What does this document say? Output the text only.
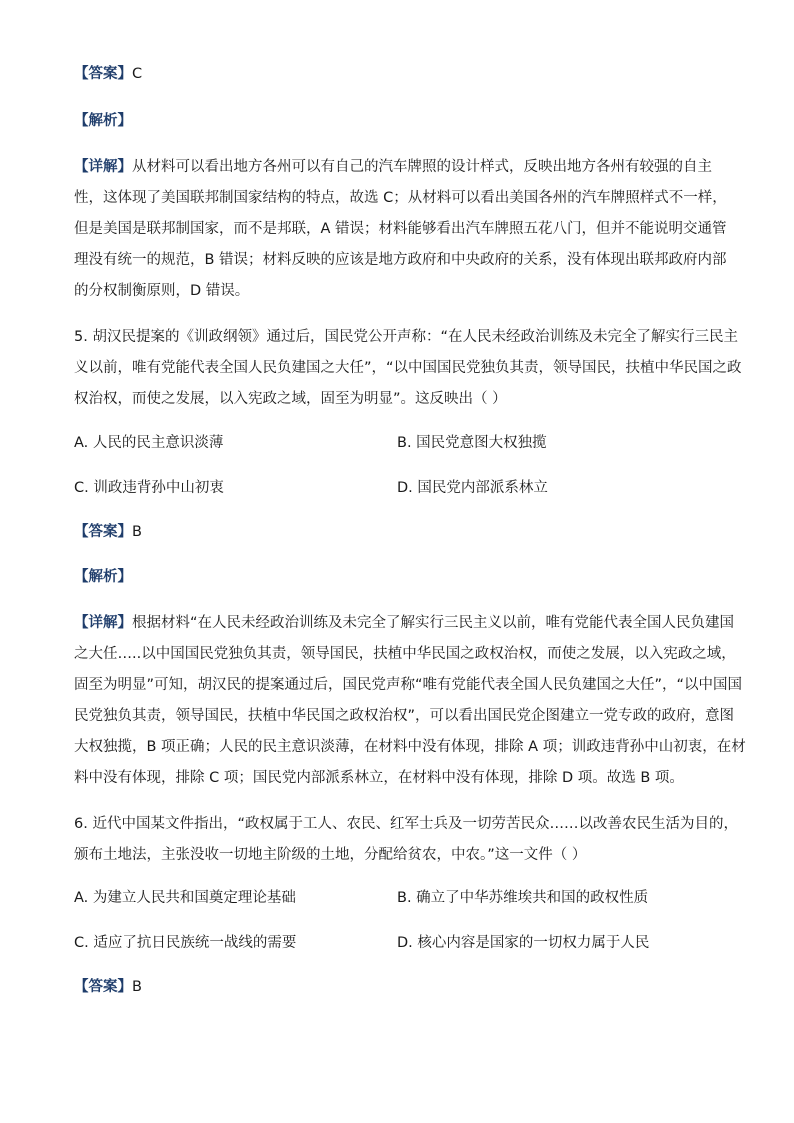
【答案】C
【解析】
【详解】从材料可以看出地方各州可以有自己的汽车牌照的设计样式，反映出地方各州有较强的自主
性，这体现了美国联邦制国家结构的特点，故选 C；从材料可以看出美国各州的汽车牌照样式不一样，
但是美国是联邦制国家，而不是邦联，A 错误；材料能够看出汽车牌照五花八门，但并不能说明交通管
理没有统一的规范，B 错误；材料反映的应该是地方政府和中央政府的关系，没有体现出联邦政府内部
的分权制衡原则，D 错误。
5. 胡汉民提案的《训政纲领》通过后，国民党公开声称：“在人民未经政治训练及未完全了解实行三民主
义以前，唯有党能代表全国人民负建国之大任”，“以中国国民党独负其责，领导国民，扶植中华民国之政
权治权，而使之发展，以入宪政之域，固至为明显”。这反映出（ ）
A. 人民的民主意识淡薄	B. 国民党意图大权独揽
C. 训政违背孙中山初衷	D. 国民党内部派系林立
【答案】B
【解析】
【详解】根据材料“在人民未经政治训练及未完全了解实行三民主义以前，唯有党能代表全国人民负建国
之大任…..以中国国民党独负其责，领导国民，扶植中华民国之政权治权，而使之发展，以入宪政之域，
固至为明显”可知，胡汉民的提案通过后，国民党声称“唯有党能代表全国人民负建国之大任”，“以中国国
民党独负其责，领导国民，扶植中华民国之政权治权”，可以看出国民党企图建立一党专政的政府，意图
大权独揽，B 项正确；人民的民主意识淡薄，在材料中没有体现，排除 A 项；训政违背孙中山初衷，在材
料中没有体现，排除 C 项；国民党内部派系林立，在材料中没有体现，排除 D 项。故选 B 项。
6. 近代中国某文件指出，“政权属于工人、农民、红军士兵及一切劳苦民众……以改善农民生活为目的，
颁布土地法，主张没收一切地主阶级的土地，分配给贫农，中农。”这一文件（ ）
A. 为建立人民共和国奠定理论基础	B. 确立了中华苏维埃共和国的政权性质
C. 适应了抗日民族统一战线的需要	D. 核心内容是国家的一切权力属于人民
【答案】B
